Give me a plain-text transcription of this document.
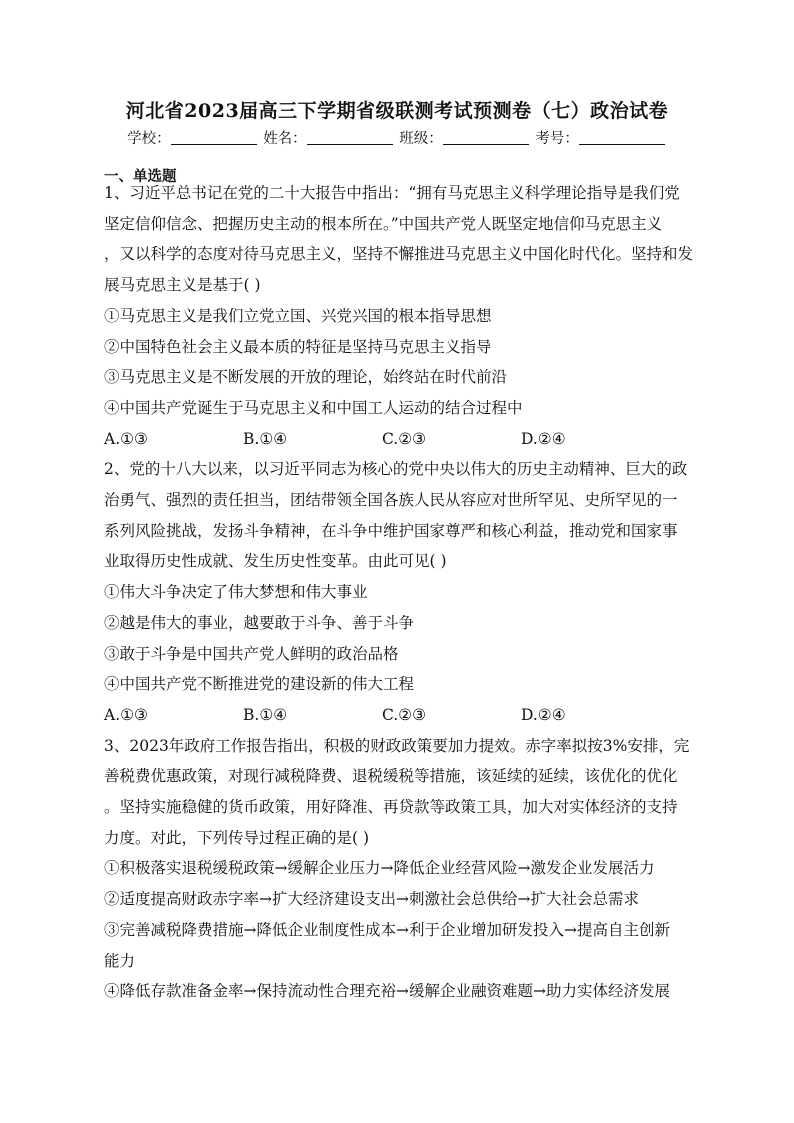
河北省2023届高三下学期省级联测考试预测卷（七）政治试卷
学校：	姓名：	班级：	考号：
一、单选题
1、习近平总书记在党的二十大报告中指出：“拥有马克思主义科学理论指导是我们党
坚定信仰信念、把握历史主动的根本所在。”中国共产党人既坚定地信仰马克思主义
，又以科学的态度对待马克思主义，坚持不懈推进马克思主义中国化时代化。坚持和发
展马克思主义是基于( )
①马克思主义是我们立党立国、兴党兴国的根本指导思想
②中国特色社会主义最本质的特征是坚持马克思主义指导
③马克思主义是不断发展的开放的理论，始终站在时代前沿
④中国共产党诞生于马克思主义和中国工人运动的结合过程中
A.①③	B.①④	C.②③	D.②④
2、党的十八大以来，以习近平同志为核心的党中央以伟大的历史主动精神、巨大的政
治勇气、强烈的责任担当，团结带领全国各族人民从容应对世所罕见、史所罕见的一
系列风险挑战，发扬斗争精神，在斗争中维护国家尊严和核心利益，推动党和国家事
业取得历史性成就、发生历史性变革。由此可见( )
①伟大斗争决定了伟大梦想和伟大事业
②越是伟大的事业，越要敢于斗争、善于斗争
③敢于斗争是中国共产党人鲜明的政治品格
④中国共产党不断推进党的建设新的伟大工程
A.①③	B.①④	C.②③	D.②④
3、2023年政府工作报告指出，积极的财政政策要加力提效。赤字率拟按3%安排，完
善税费优惠政策，对现行减税降费、退税缓税等措施，该延续的延续，该优化的优化
。坚持实施稳健的货币政策，用好降准、再贷款等政策工具，加大对实体经济的支持
力度。对此，下列传导过程正确的是( )
①积极落实退税缓税政策→缓解企业压力→降低企业经营风险→激发企业发展活力
②适度提高财政赤字率→扩大经济建设支出→刺激社会总供给→扩大社会总需求
③完善减税降费措施→降低企业制度性成本→利于企业增加研发投入→提高自主创新
能力
④降低存款准备金率→保持流动性合理充裕→缓解企业融资难题→助力实体经济发展
